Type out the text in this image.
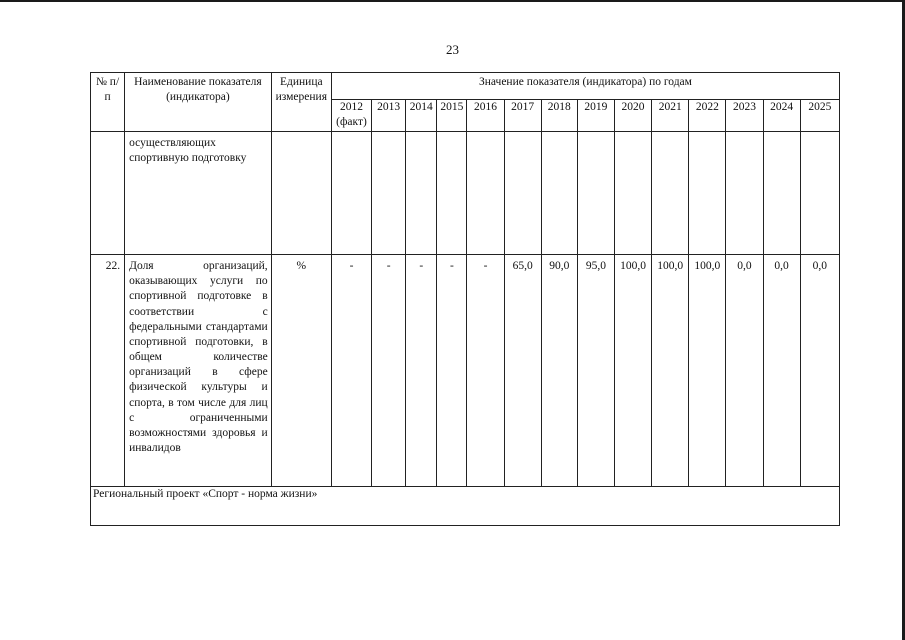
23
№ п/п	Наименование показателя (индикатора)	Единица измерения	Значение показателя (индикатора) по годам													
			2012 (факт)	2013	2014	2015	2016	2017	2018	2019	2020	2021	2022	2023	2024	2025
	осуществляющих спортивную подготовку															
22.	Доля организаций, оказывающих услуги по спортивной подготовке в соответствии с федеральными стандартами спортивной подготовки, в общем количестве организаций в сфере физической культуры и спорта, в том числе для лиц с ограниченными возможностями здоровья и инвалидов	%	-	-	-	-	-	65,0	90,0	95,0	100,0	100,0	100,0	0,0	0,0	0,0
Региональный проект «Спорт - норма жизни»																
